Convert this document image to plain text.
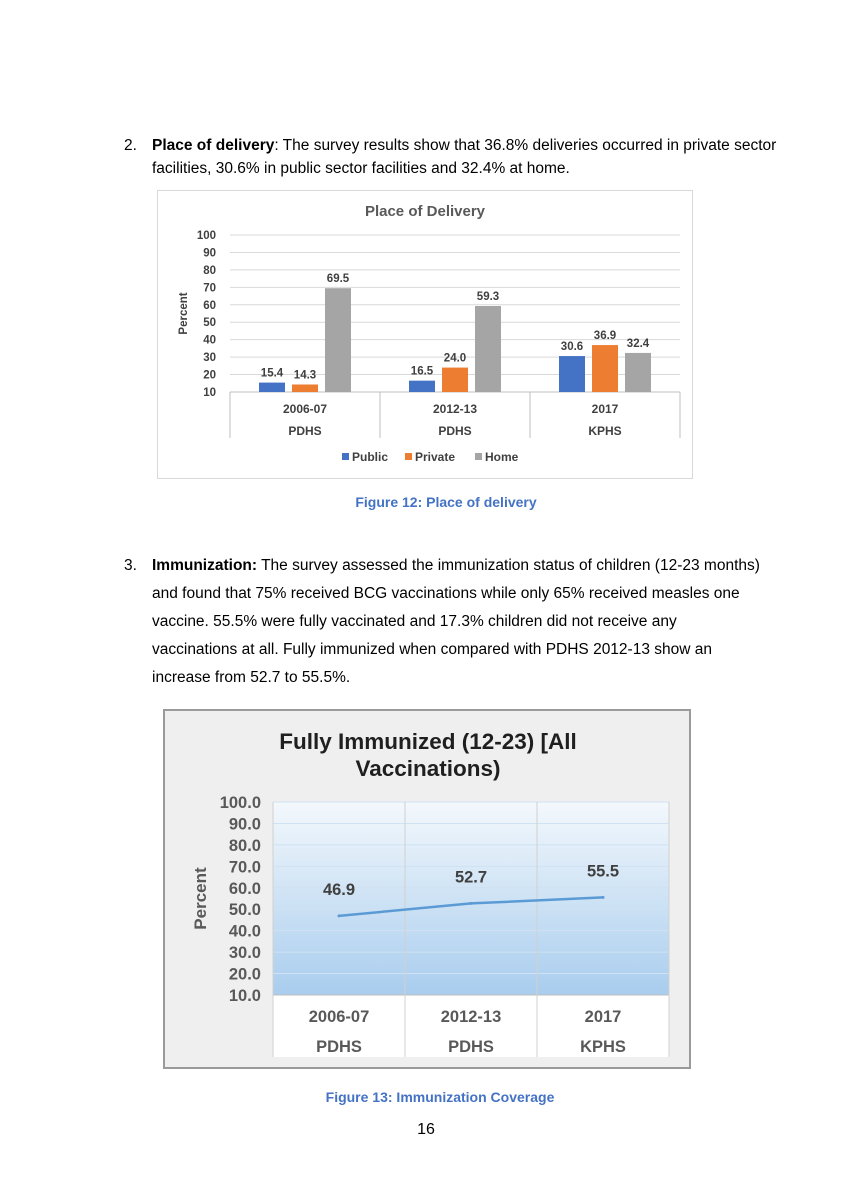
2. Place of delivery: The survey results show that 36.8% deliveries occurred in private sector facilities, 30.6% in public sector facilities and 32.4% at home.
Place of Delivery
10
20
30
40
50
60
70
80
90
100
Percent
2006-07
PDHS
2012-13
PDHS
2017
KPHS
15.4	16.5
30.6
14.3
24.0
36.9
69.5
59.3
32.4
Public Private Home
Figure 12: Place of delivery
3. Immunization: The survey assessed the immunization status of children (12-23 months) and found that 75% received BCG vaccinations while only 65% received measles one vaccine. 55.5% were fully vaccinated and 17.3% children did not receive any vaccinations at all. Fully immunized when compared with PDHS 2012-13 show an increase from 52.7 to 55.5%.
Fully Immunized (12-23) [All
Vaccinations)
10.0
20.0
30.0
40.0
50.0
60.0
70.0
80.0
90.0
100.0
Percent
2006-07
PDHS
2012-13
PDHS
2017
KPHS
46.9
52.7	55.5
Figure 13: Immunization Coverage
16
